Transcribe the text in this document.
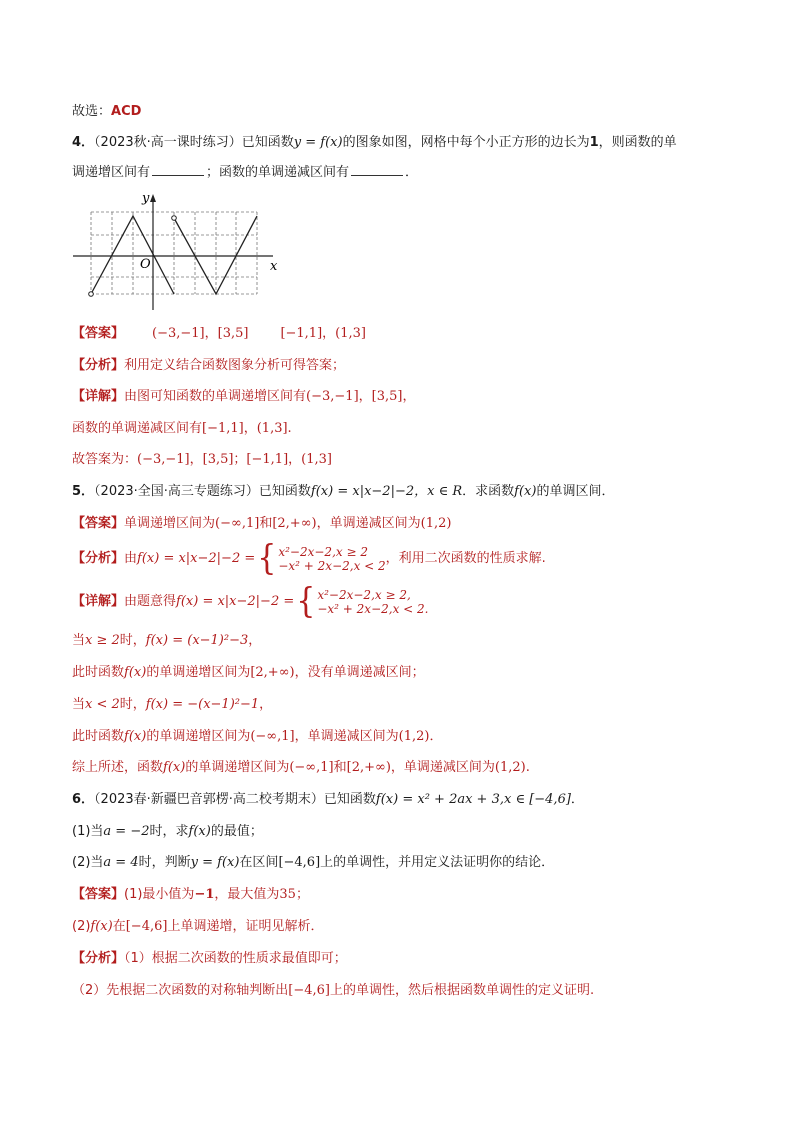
故选：ACD
4．（2023秋·高一课时练习）已知函数y = f(x)的图象如图，网格中每个小正方形的边长为1，则函数的单
调递增区间有	；函数的单调递减区间有	．
y
O	x
【答案】 (−3,−1]，[3,5] [−1,1]，(1,3]
【分析】利用定义结合函数图象分析可得答案；
【详解】由图可知函数的单调递增区间有(−3,−1]，[3,5]，
函数的单调递减区间有[−1,1]，(1,3].
故答案为：(−3,−1]，[3,5]；[−1,1]，(1,3]
5．（2023·全国·高三专题练习）已知函数f(x) = x|x−2|−2，x ∈ R．求函数f(x)的单调区间．
【答案】单调递增区间为(−∞,1]和[2,+∞)，单调递减区间为(1,2)
【分析】由f(x) = x|x−2|−2 = { x²−2x−2,x ≥ 2
−x² + 2x−2,x < 2 ，利用二次函数的性质求解.
【详解】由题意得f(x) = x|x−2|−2 = { x²−2x−2,x ≥ 2,
−x² + 2x−2,x < 2.
当x ≥ 2时，f(x) = (x−1)²−3，
此时函数f(x)的单调递增区间为[2,+∞)，没有单调递减区间；
当x < 2时，f(x) = −(x−1)²−1，
此时函数f(x)的单调递增区间为(−∞,1]，单调递减区间为(1,2)．
综上所述，函数f(x)的单调递增区间为(−∞,1]和[2,+∞)，单调递减区间为(1,2).
6．（2023春·新疆巴音郭楞·高二校考期末）已知函数f(x) = x² + 2ax + 3,x ∈ [−4,6]．
(1)当a = −2时，求f(x)的最值；
(2)当a = 4时，判断y = f(x)在区间[−4,6]上的单调性，并用定义法证明你的结论．
【答案】(1)最小值为−1，最大值为35；
(2)f(x)在[−4,6]上单调递增，证明见解析．
【分析】（1）根据二次函数的性质求最值即可；
（2）先根据二次函数的对称轴判断出[−4,6]上的单调性，然后根据函数单调性的定义证明.
